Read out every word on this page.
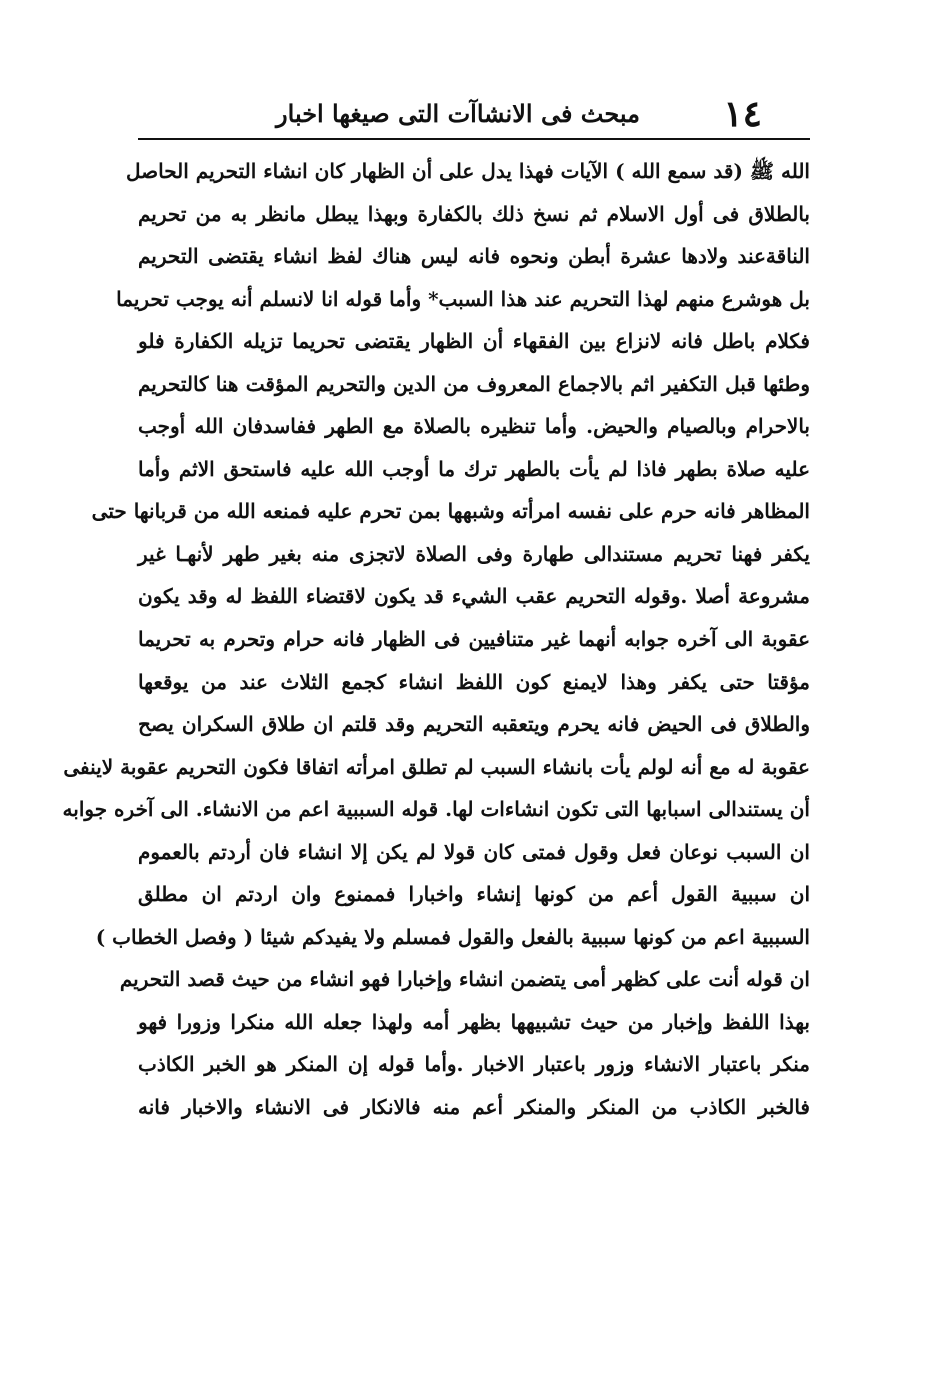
١٤
مبحث فى الانشاآت التى صيغها اخبار
الله ﷺ (قد سمع الله ) الآيات فهذا يدل على أن الظهار كان انشاء التحريم الحاصل
بالطلاق فى أول الاسلام ثم نسخ ذلك بالكفارة وبهذا يبطل مانظر به من تحريم
الناقةعند ولادها عشرة أبطن ونحوه فانه ليس هناك لفظ انشاء يقتضى التحريم
بل هوشرع منهم لهذا التحريم عند هذا السبب* وأما قوله انا لانسلم أنه يوجب تحريما
فكلام باطل فانه لانزاع بين الفقهاء أن الظهار يقتضى تحريما تزيله الكفارة فلو
وطئها قبل التكفير اثم بالاجماع المعروف من الدين والتحريم المؤقت هنا كالتحريم
بالاحرام وبالصيام والحيض. وأما تنظيره بالصلاة مع الطهر ففاسدفان الله أوجب
عليه صلاة بطهر فاذا لم يأت بالطهر ترك ما أوجب الله عليه فاستحق الاثم وأما
المظاهر فانه حرم على نفسه امرأته وشبهها بمن تحرم عليه فمنعه الله من قربانها حتى
يكفر فهنا تحريم مستندالى طهارة وفى الصلاة لاتجزى منه بغير طهر لأنهـا غير
مشروعة أصلا .وقوله التحريم عقب الشيء قد يكون لاقتضاء اللفظ له وقد يكون
عقوبة الى آخره جوابه أنهما غير متنافيين فى الظهار فانه حرام وتحرم به تحريما
مؤقتا حتى يكفر وهذا لايمنع كون اللفظ انشاء كجمع الثلاث عند من يوقعها
والطلاق فى الحيض فانه يحرم ويتعقبه التحريم وقد قلتم ان طلاق السكران يصح
عقوبة له مع أنه لولم يأت بانشاء السبب لم تطلق امرأته اتفاقا فكون التحريم عقوبة لاينفى
أن يستندالى اسبابها التى تكون انشاءات لها. قوله السببية اعم من الانشاء. الى آخره جوابه
ان السبب نوعان فعل وقول فمتى كان قولا لم يكن إلا انشاء فان أردتم بالعموم
ان سببية القول أعم من كونها إنشاء واخبارا فممنوع وان اردتم ان مطلق
السببية اعم من كونها سببية بالفعل والقول فمسلم ولا يفيدكم شيئا ( وفصل الخطاب )
ان قوله أنت على كظهر أمى يتضمن انشاء وإخبارا فهو انشاء من حيث قصد التحريم
بهذا اللفظ وإخبار من حيث تشبيهها بظهر أمه ولهذا جعله الله منكرا وزورا فهو
منكر باعتبار الانشاء وزور باعتبار الاخبار .وأما قوله إن المنكر هو الخبر الكاذب
فالخبر الكاذب من المنكر والمنكر أعم منه فالانكار فى الانشاء والاخبار فانه
